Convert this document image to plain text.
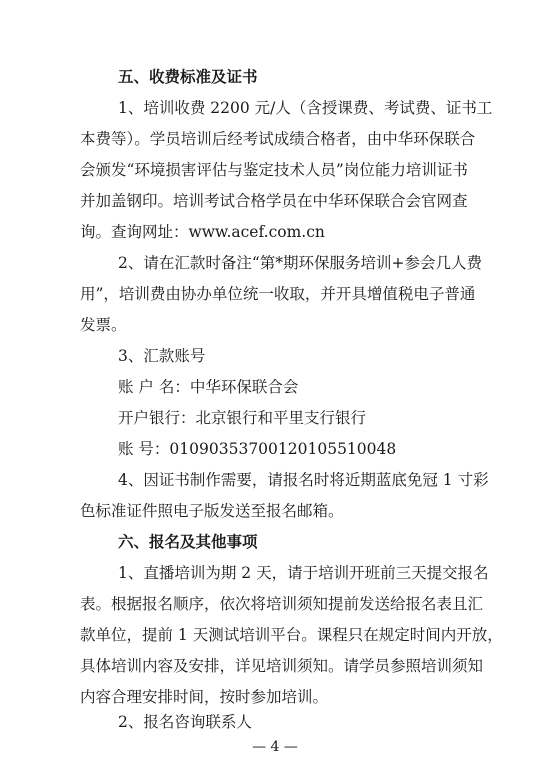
五、收费标准及证书
1、培训收费 2200 元/人（含授课费、考试费、证书工
本费等）。学员培训后经考试成绩合格者，由中华环保联合
会颁发“环境损害评估与鉴定技术人员”岗位能力培训证书
并加盖钢印。培训考试合格学员在中华环保联合会官网查
询。查询网址：www.acef.com.cn
2、请在汇款时备注“第*期环保服务培训+参会几人费
用”，培训费由协办单位统一收取，并开具增值税电子普通
发票。
3、汇款账号
账 户 名：中华环保联合会
开户银行：北京银行和平里支行银行
账 号：01090353700120105510048
4、因证书制作需要，请报名时将近期蓝底免冠 1 寸彩
色标准证件照电子版发送至报名邮箱。
六、报名及其他事项
1、直播培训为期 2 天，请于培训开班前三天提交报名
表。根据报名顺序，依次将培训须知提前发送给报名表且汇
款单位，提前 1 天测试培训平台。课程只在规定时间内开放，
具体培训内容及安排，详见培训须知。请学员参照培训须知
内容合理安排时间，按时参加培训。
2、报名咨询联系人
— 4 —
